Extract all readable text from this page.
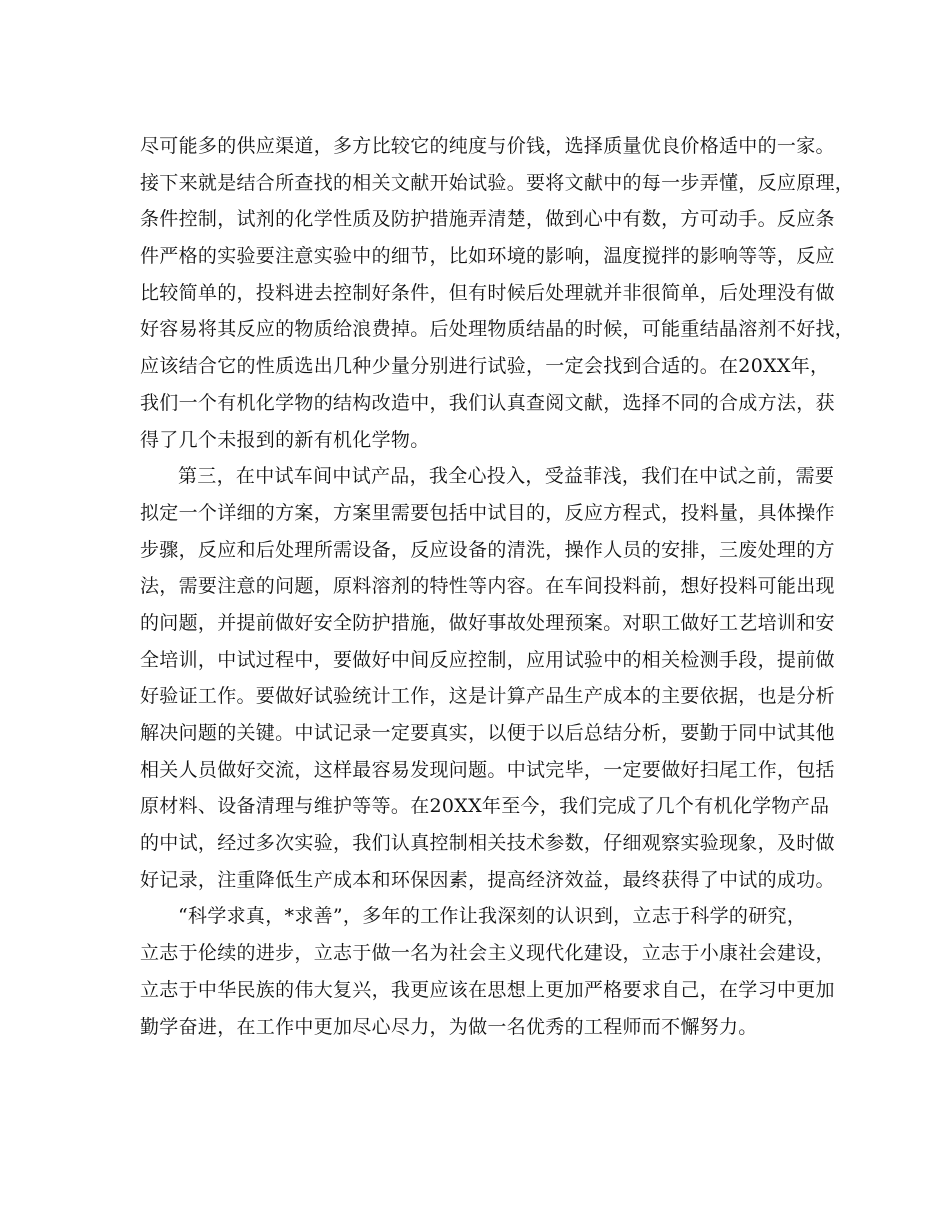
尽可能多的供应渠道，多方比较它的纯度与价钱，选择质量优良价格适中的一家。
接下来就是结合所查找的相关文献开始试验。要将文献中的每一步弄懂，反应原理，
条件控制，试剂的化学性质及防护措施弄清楚，做到心中有数，方可动手。反应条
件严格的实验要注意实验中的细节，比如环境的影响，温度搅拌的影响等等，反应
比较简单的，投料进去控制好条件，但有时候后处理就并非很简单，后处理没有做
好容易将其反应的物质给浪费掉。后处理物质结晶的时候，可能重结晶溶剂不好找，
应该结合它的性质选出几种少量分别进行试验，一定会找到合适的。在20XX年，
我们一个有机化学物的结构改造中，我们认真查阅文献，选择不同的合成方法，获
得了几个未报到的新有机化学物。
第三，在中试车间中试产品，我全心投入，受益菲浅，我们在中试之前，需要
拟定一个详细的方案，方案里需要包括中试目的，反应方程式，投料量，具体操作
步骤，反应和后处理所需设备，反应设备的清洗，操作人员的安排，三废处理的方
法，需要注意的问题，原料溶剂的特性等内容。在车间投料前，想好投料可能出现
的问题，并提前做好安全防护措施，做好事故处理预案。对职工做好工艺培训和安
全培训，中试过程中，要做好中间反应控制，应用试验中的相关检测手段，提前做
好验证工作。要做好试验统计工作，这是计算产品生产成本的主要依据，也是分析
解决问题的关键。中试记录一定要真实，以便于以后总结分析，要勤于同中试其他
相关人员做好交流，这样最容易发现问题。中试完毕，一定要做好扫尾工作，包括
原材料、设备清理与维护等等。在20XX年至今，我们完成了几个有机化学物产品
的中试，经过多次实验，我们认真控制相关技术参数，仔细观察实验现象，及时做
好记录，注重降低生产成本和环保因素，提高经济效益，最终获得了中试的成功。
“科学求真，*求善”，多年的工作让我深刻的认识到，立志于科学的研究，
立志于伦续的进步，立志于做一名为社会主义现代化建设，立志于小康社会建设，
立志于中华民族的伟大复兴，我更应该在思想上更加严格要求自己，在学习中更加
勤学奋进，在工作中更加尽心尽力，为做一名优秀的工程师而不懈努力。
